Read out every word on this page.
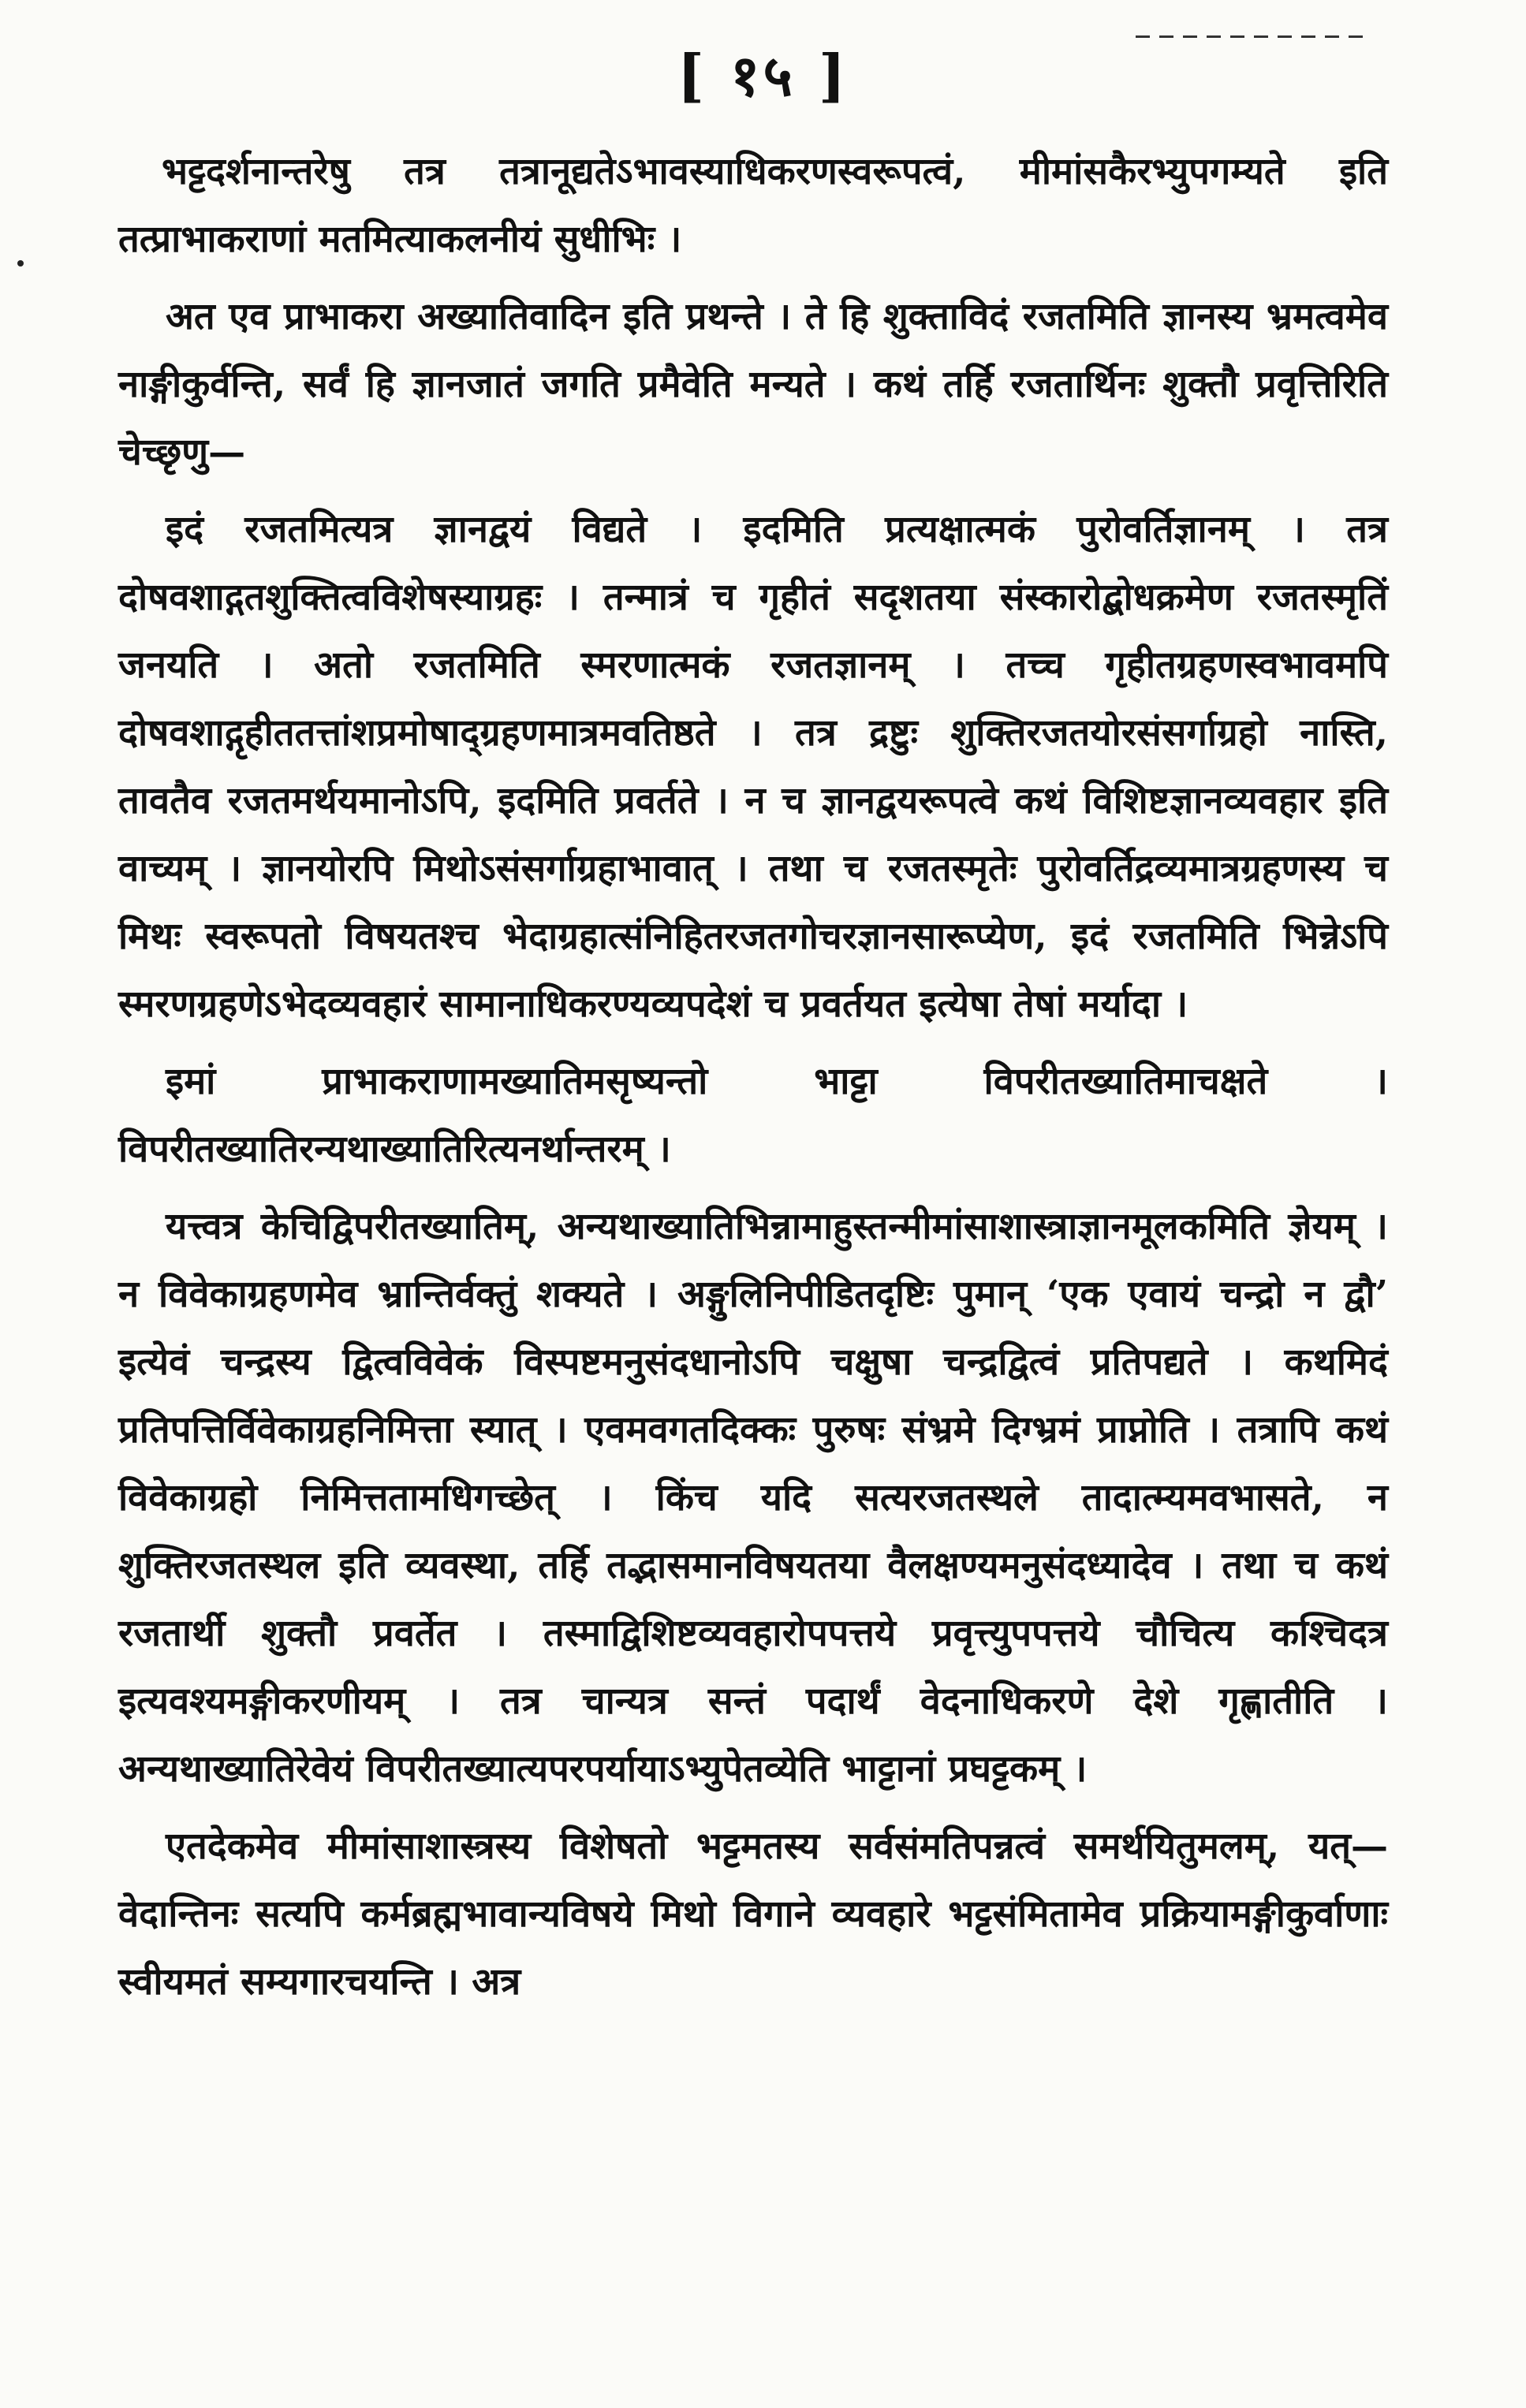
[ १५ ]

भट्टदर्शनान्तरेषु तत्र तत्रानूद्यतेऽभावस्याधिकरणस्वरूपत्वं, मीमांसकैरभ्युपगम्यते इति तत्प्राभाकराणां मतमित्याकलनीयं सुधीभिः ।

अत एव प्राभाकरा अख्यातिवादिन इति प्रथन्ते । ते हि शुक्ताविदं रजतमिति ज्ञानस्य भ्रमत्वमेव नाङ्गीकुर्वन्ति, सर्वं हि ज्ञानजातं जगति प्रमैवेति मन्यते । कथं तर्हि रजतार्थिनः शुक्तौ प्रवृत्तिरिति चेच्छृणु—

इदं रजतमित्यत्र ज्ञानद्वयं विद्यते । इदमिति प्रत्यक्षात्मकं पुरोवर्तिज्ञानम् । तत्र दोषवशाद्गतशुक्तित्वविशेषस्याग्रहः । तन्मात्रं च गृहीतं सदृशतया संस्कारोद्बोधक्रमेण रजतस्मृतिं जनयति । अतो रजतमिति स्मरणात्मकं रजतज्ञानम् । तच्च गृहीतग्रहणस्वभावमपि दोषवशाद्गृहीततत्तांशप्रमोषाद्ग्रहणमात्रमवतिष्ठते । तत्र द्रष्टुः शुक्तिरजतयोरसंसर्गाग्रहो नास्ति, तावतैव रजतमर्थयमानोऽपि, इदमिति प्रवर्तते । न च ज्ञानद्वयरूपत्वे कथं विशिष्टज्ञानव्यवहार इति वाच्यम् । ज्ञानयोरपि मिथोऽसंसर्गाग्रहाभावात् । तथा च रजतस्मृतेः पुरोवर्तिद्रव्यमात्रग्रहणस्य च मिथः स्वरूपतो विषयतश्च भेदाग्रहात्संनिहितरजतगोचरज्ञानसारूप्येण, इदं रजतमिति भिन्नेऽपि स्मरणग्रहणेऽभेदव्यवहारं सामानाधिकरण्यव्यपदेशं च प्रवर्तयत इत्येषा तेषां मर्यादा ।

इमां प्राभाकराणामख्यातिमसृष्यन्तो भाट्टा विपरीतख्यातिमाचक्षते । विपरीतख्यातिरन्यथाख्यातिरित्यनर्थान्तरम् ।

यत्त्वत्र केचिद्विपरीतख्यातिम्, अन्यथाख्यातिभिन्नामाहुस्तन्मीमांसाशास्त्राज्ञानमूलकमिति ज्ञेयम् । न विवेकाग्रहणमेव भ्रान्तिर्वक्तुं शक्यते । अङ्गुलिनिपीडितदृष्टिः पुमान् ‘एक एवायं चन्द्रो न द्वौ’ इत्येवं चन्द्रस्य द्वित्वविवेकं विस्पष्टमनुसंदधानोऽपि चक्षुषा चन्द्रद्वित्वं प्रतिपद्यते । कथमिदं प्रतिपत्तिर्विवेकाग्रहनिमित्ता स्यात् । एवमवगतदिक्कः पुरुषः संभ्रमे दिग्भ्रमं प्राप्नोति । तत्रापि कथं विवेकाग्रहो निमित्ततामधिगच्छेत् । किंच यदि सत्यरजतस्थले तादात्म्यमवभासते, न शुक्तिरजतस्थल इति व्यवस्था, तर्हि तद्भासमानविषयतया वैलक्षण्यमनुसंदध्यादेव । तथा च कथं रजतार्थी शुक्तौ प्रवर्तेत । तस्माद्विशिष्टव्यवहारोपपत्तये प्रवृत्त्युपपत्तये चौचित्य कश्चिदत्र इत्यवश्यमङ्गीकरणीयम् । तत्र चान्यत्र सन्तं पदार्थं वेदनाधिकरणे देशे गृह्णातीति । अन्यथाख्यातिरेवेयं विपरीतख्यात्यपरपर्यायाऽभ्युपेतव्येति भाट्टानां प्रघट्टकम् ।

एतदेकमेव मीमांसाशास्त्रस्य विशेषतो भट्टमतस्य सर्वसंमतिपन्नत्वं समर्थयितुमलम्, यत्—वेदान्तिनः सत्यपि कर्मब्रह्मभावान्यविषये मिथो विगाने व्यवहारे भट्टसंमितामेव प्रक्रियामङ्गीकुर्वाणाः स्वीयमतं सम्यगारचयन्ति । अत्र
